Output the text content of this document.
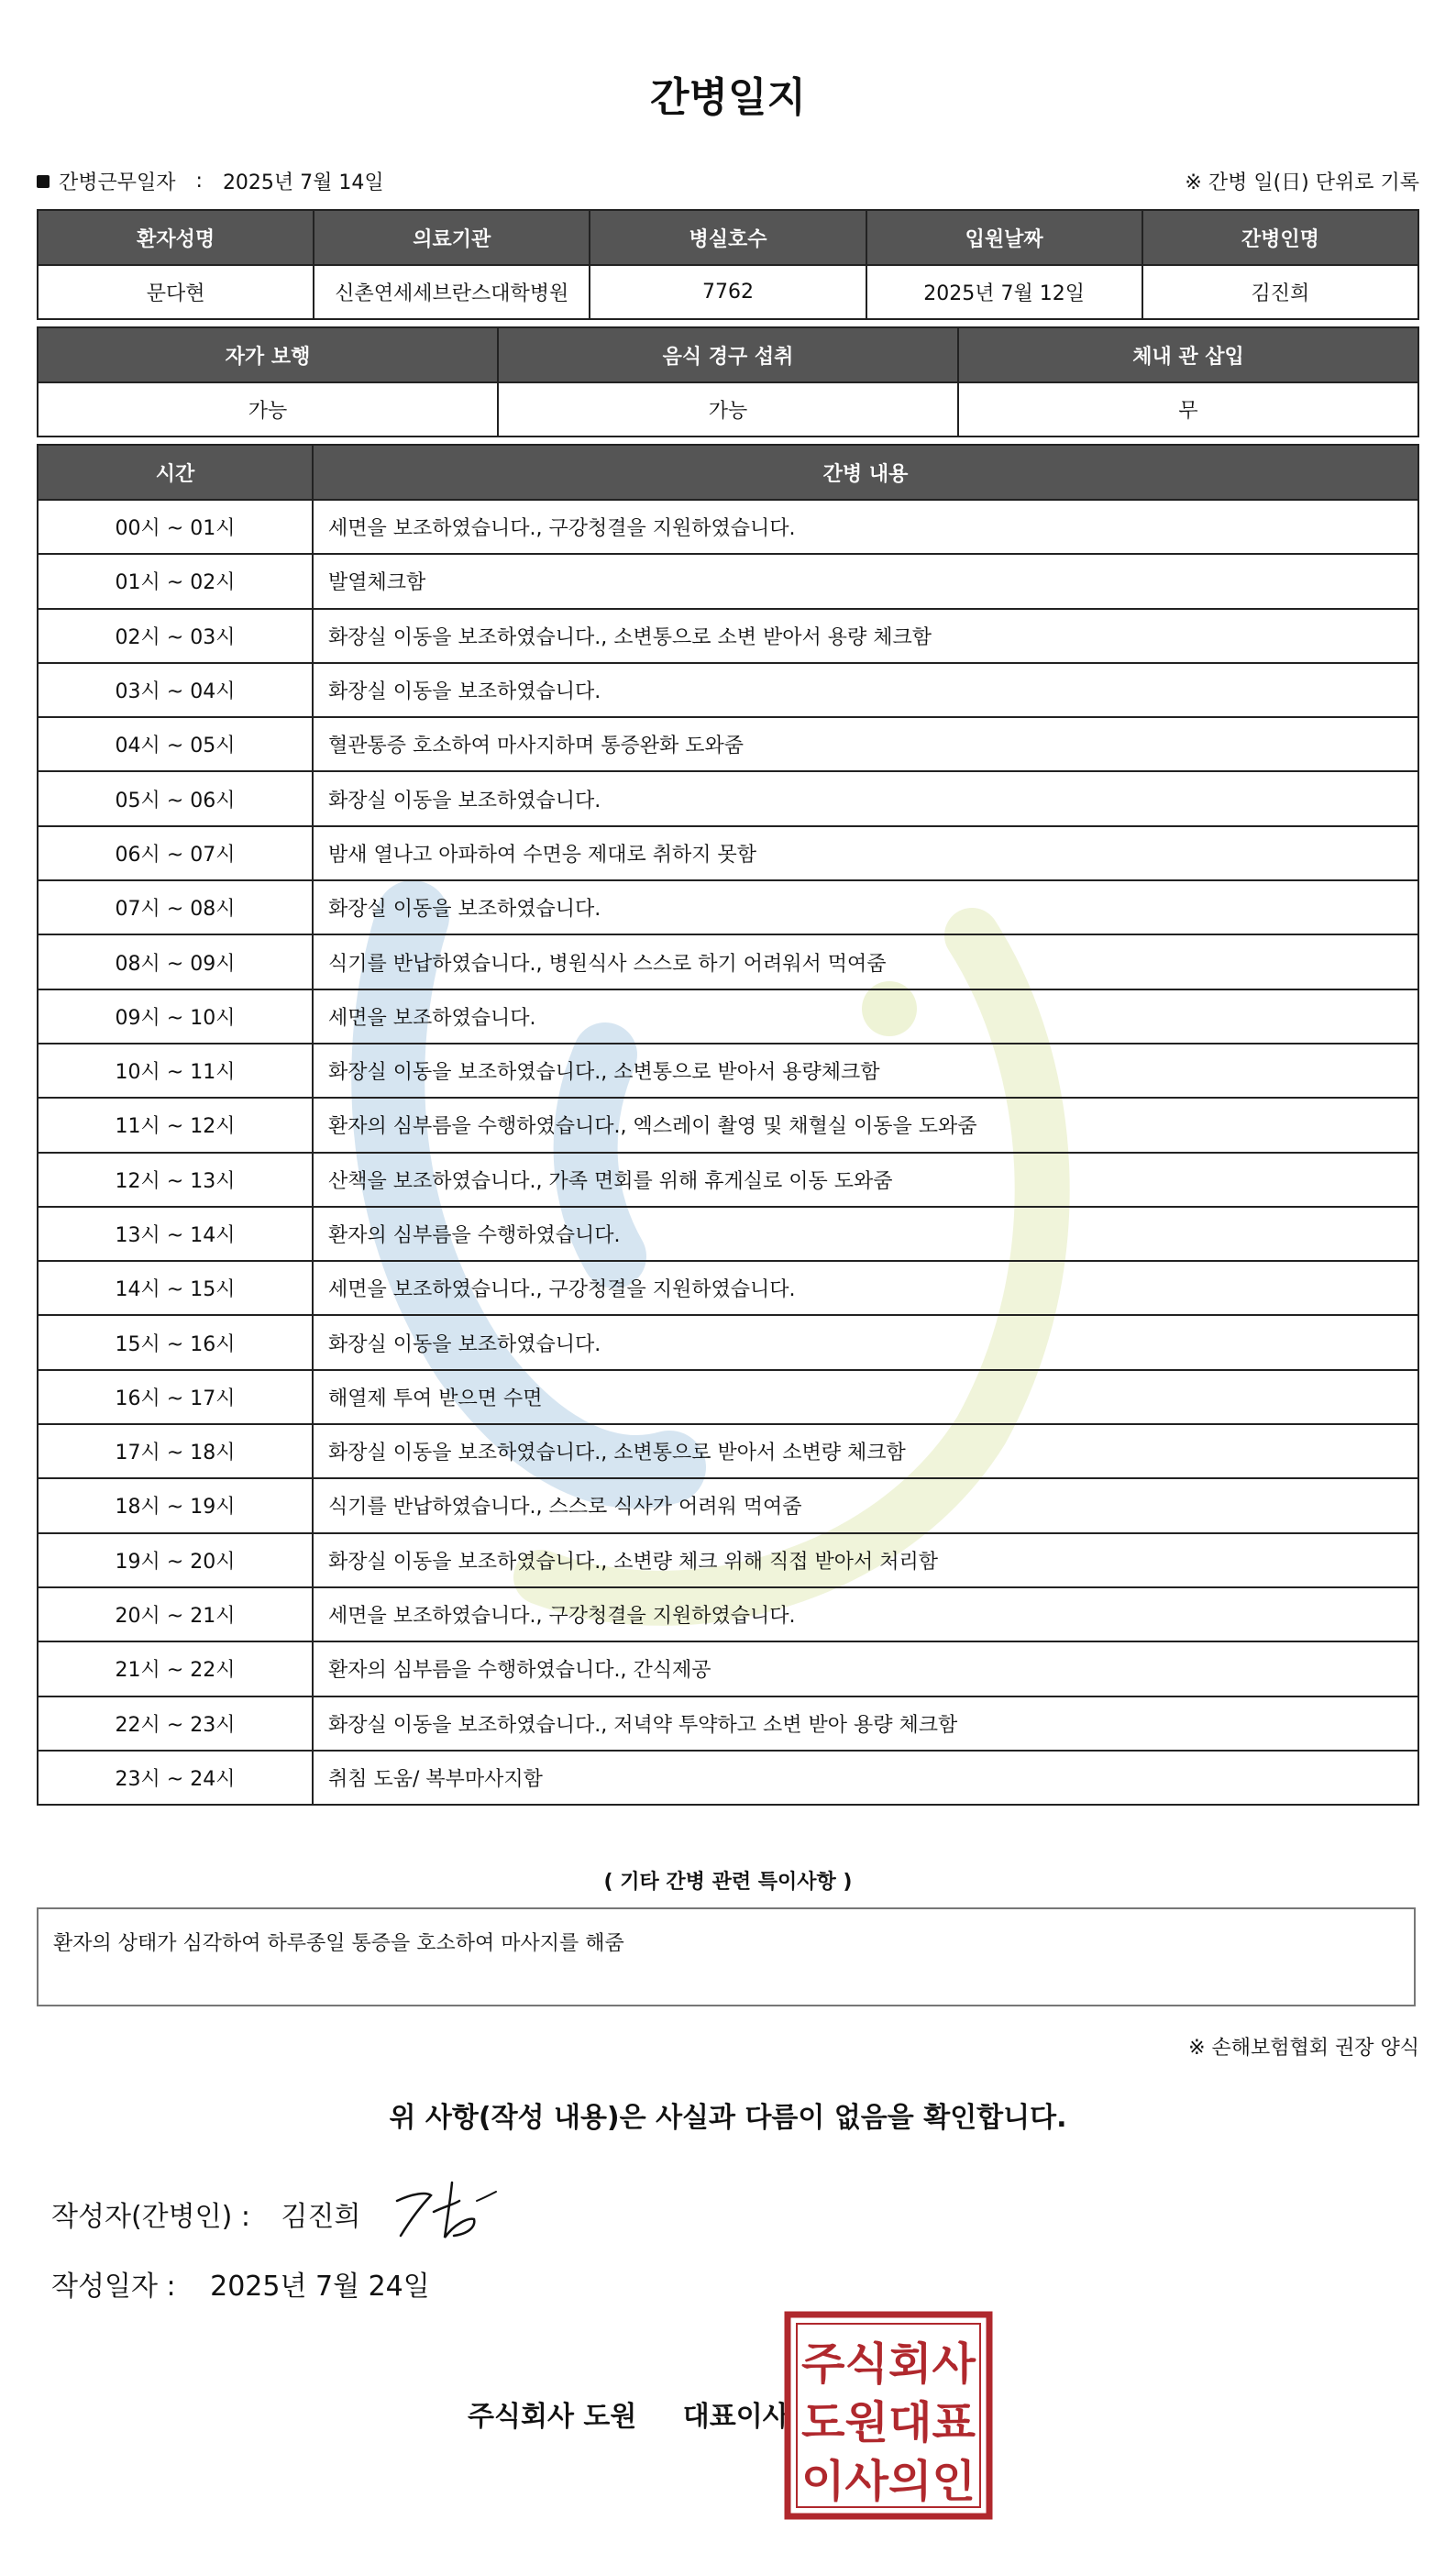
간병일지
간병근무일자 : 2025년 7월 14일	※ 간병 일(日) 단위로 기록
환자성명	의료기관	병실호수	입원날짜	간병인명
문다현	신촌연세세브란스대학병원	7762	2025년 7월 12일	김진희
자가 보행	음식 경구 섭취	체내 관 삽입
가능	가능	무
시간	간병 내용
00시 ~ 01시	세면을 보조하였습니다., 구강청결을 지원하였습니다.
01시 ~ 02시	발열체크함
02시 ~ 03시	화장실 이동을 보조하였습니다., 소변통으로 소변 받아서 용량 체크함
03시 ~ 04시	화장실 이동을 보조하였습니다.
04시 ~ 05시	혈관통증 호소하여 마사지하며 통증완화 도와줌
05시 ~ 06시	화장실 이동을 보조하였습니다.
06시 ~ 07시	밤새 열나고 아파하여 수면응 제대로 취하지 못함
07시 ~ 08시	화장실 이동을 보조하였습니다.
08시 ~ 09시	식기를 반납하였습니다., 병원식사 스스로 하기 어려워서 먹여줌
09시 ~ 10시	세면을 보조하였습니다.
10시 ~ 11시	화장실 이동을 보조하였습니다., 소변통으로 받아서 용량체크함
11시 ~ 12시	환자의 심부름을 수행하였습니다., 엑스레이 촬영 및 채혈실 이동을 도와줌
12시 ~ 13시	산책을 보조하였습니다., 가족 면회를 위해 휴게실로 이동 도와줌
13시 ~ 14시	환자의 심부름을 수행하였습니다.
14시 ~ 15시	세면을 보조하였습니다., 구강청결을 지원하였습니다.
15시 ~ 16시	화장실 이동을 보조하였습니다.
16시 ~ 17시	해열제 투여 받으면 수면
17시 ~ 18시	화장실 이동을 보조하였습니다., 소변통으로 받아서 소변량 체크함
18시 ~ 19시	식기를 반납하였습니다., 스스로 식사가 어려워 먹여줌
19시 ~ 20시	화장실 이동을 보조하였습니다., 소변량 체크 위해 직접 받아서 처리함
20시 ~ 21시	세면을 보조하였습니다., 구강청결을 지원하였습니다.
21시 ~ 22시	환자의 심부름을 수행하였습니다., 간식제공
22시 ~ 23시	화장실 이동을 보조하였습니다., 저녁약 투약하고 소변 받아 용량 체크함
23시 ~ 24시	취침 도움/ 복부마사지함
( 기타 간병 관련 특이사항 )
환자의 상태가 심각하여 하루종일 통증을 호소하여 마사지를 해줌
※ 손해보험협회 권장 양식
위 사항(작성 내용)은 사실과 다름이 없음을 확인합니다.
작성자(간병인) : 김진희
작성일자 : 2025년 7월 24일
주식회사 도원 대표이사
주식회사
도원대표
이사의인
